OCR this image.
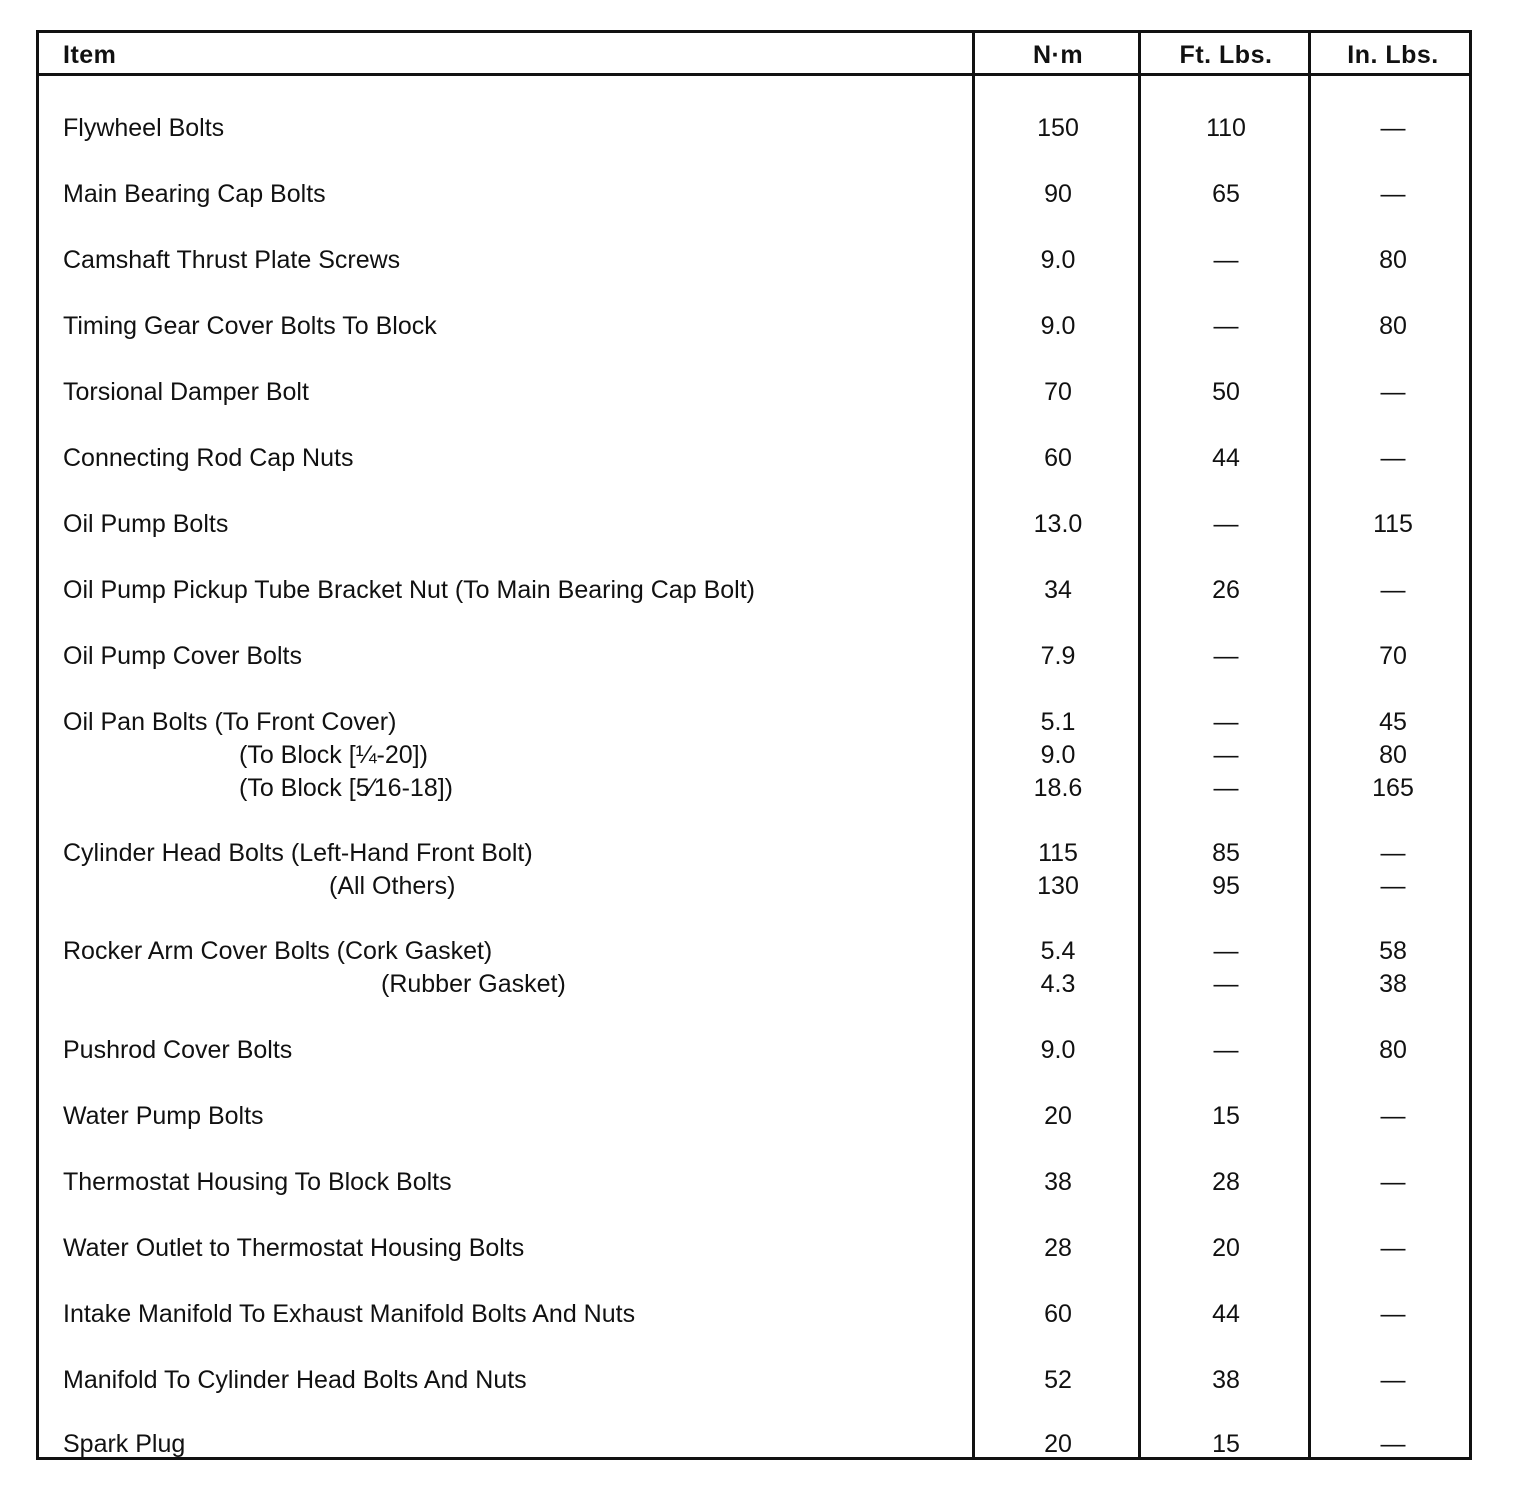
Item	N·m	Ft. Lbs.	In. Lbs.
Flywheel Bolts	150	110	—
Main Bearing Cap Bolts	90	65	—
Camshaft Thrust Plate Screws	9.0	—	80
Timing Gear Cover Bolts To Block	9.0	—	80
Torsional Damper Bolt	70	50	—
Connecting Rod Cap Nuts	60	44	—
Oil Pump Bolts	13.0	—	115
Oil Pump Pickup Tube Bracket Nut (To Main Bearing Cap Bolt)	34	26	—
Oil Pump Cover Bolts	7.9	—	70
Oil Pan Bolts (To Front Cover)	5.1	—	45
(To Block [¼-20])	9.0	—	80
(To Block [5⁄16-18])	18.6	—	165
Cylinder Head Bolts (Left-Hand Front Bolt)	115	85	—
(All Others)	130	95	—
Rocker Arm Cover Bolts (Cork Gasket)	5.4	—	58
(Rubber Gasket)	4.3	—	38
Pushrod Cover Bolts	9.0	—	80
Water Pump Bolts	20	15	—
Thermostat Housing To Block Bolts	38	28	—
Water Outlet to Thermostat Housing Bolts	28	20	—
Intake Manifold To Exhaust Manifold Bolts And Nuts	60	44	—
Manifold To Cylinder Head Bolts And Nuts	52	38	—
Spark Plug	20	15	—
